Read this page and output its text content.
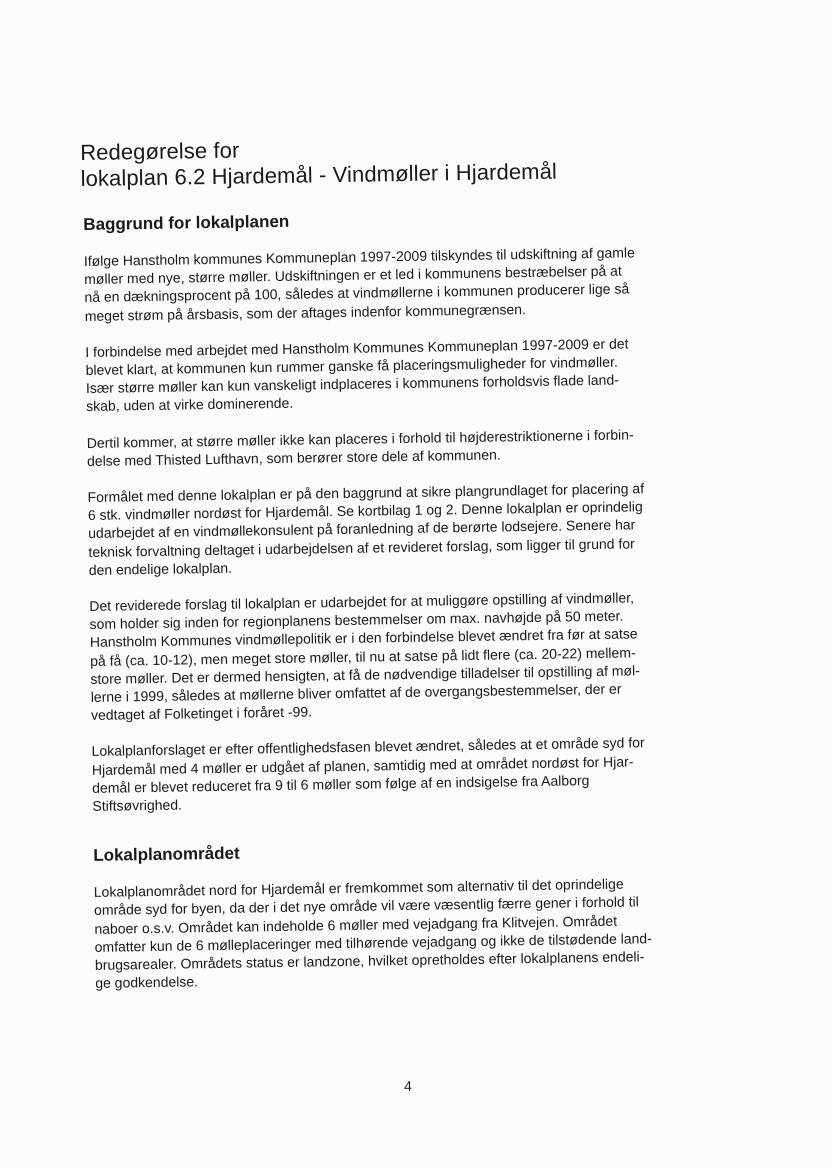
Redegørelse for
lokalplan 6.2 Hjardemål - Vindmøller i Hjardemål
Baggrund for lokalplanen
Ifølge Hanstholm kommunes Kommuneplan 1997-2009 tilskyndes til udskiftning af gamle
møller med nye, større møller. Udskiftningen er et led i kommunens bestræbelser på at
nå en dækningsprocent på 100, således at vindmøllerne i kommunen producerer lige så
meget strøm på årsbasis, som der aftages indenfor kommunegrænsen.
I forbindelse med arbejdet med Hanstholm Kommunes Kommuneplan 1997-2009 er det
blevet klart, at kommunen kun rummer ganske få placeringsmuligheder for vindmøller.
Især større møller kan kun vanskeligt indplaceres i kommunens forholdsvis flade land-
skab, uden at virke dominerende.
Dertil kommer, at større møller ikke kan placeres i forhold til højderestriktionerne i forbin-
delse med Thisted Lufthavn, som berører store dele af kommunen.
Formålet med denne lokalplan er på den baggrund at sikre plangrundlaget for placering af
6 stk. vindmøller nordøst for Hjardemål. Se kortbilag 1 og 2. Denne lokalplan er oprindelig
udarbejdet af en vindmøllekonsulent på foranledning af de berørte lodsejere. Senere har
teknisk forvaltning deltaget i udarbejdelsen af et revideret forslag, som ligger til grund for
den endelige lokalplan.
Det reviderede forslag til lokalplan er udarbejdet for at muliggøre opstilling af vindmøller,
som holder sig inden for regionplanens bestemmelser om max. navhøjde på 50 meter.
Hanstholm Kommunes vindmøllepolitik er i den forbindelse blevet ændret fra før at satse
på få (ca. 10-12), men meget store møller, til nu at satse på lidt flere (ca. 20-22) mellem-
store møller. Det er dermed hensigten, at få de nødvendige tilladelser til opstilling af møl-
lerne i 1999, således at møllerne bliver omfattet af de overgangsbestemmelser, der er
vedtaget af Folketinget i foråret -99.
Lokalplanforslaget er efter offentlighedsfasen blevet ændret, således at et område syd for
Hjardemål med 4 møller er udgået af planen, samtidig med at området nordøst for Hjar-
demål er blevet reduceret fra 9 til 6 møller som følge af en indsigelse fra Aalborg
Stiftsøvrighed.
Lokalplanområdet
Lokalplanområdet nord for Hjardemål er fremkommet som alternativ til det oprindelige
område syd for byen, da der i det nye område vil være væsentlig færre gener i forhold til
naboer o.s.v. Området kan indeholde 6 møller med vejadgang fra Klitvejen. Området
omfatter kun de 6 mølleplaceringer med tilhørende vejadgang og ikke de tilstødende land-
brugsarealer. Områdets status er landzone, hvilket opretholdes efter lokalplanens endeli-
ge godkendelse.
4
